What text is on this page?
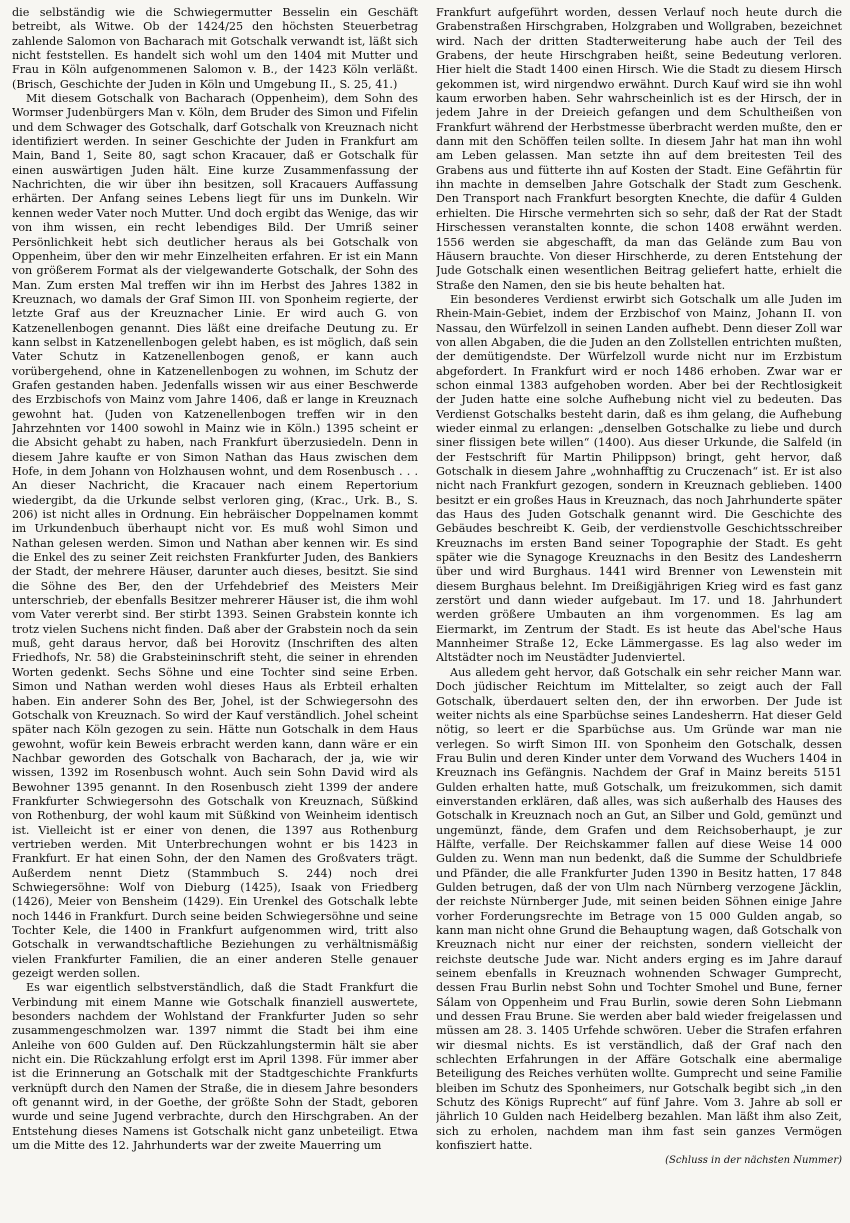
die selbständig wie die Schwiegermutter Besselin ein Geschäft betreibt, als Witwe. Ob der 1424/25 den höchsten Steuerbetrag zahlende Salomon von Bacharach mit Gotschalk verwandt ist, läßt sich nicht feststellen. Es handelt sich wohl um den 1404 mit Mutter und Frau in Köln aufgenommenen Salomon v. B., der 1423 Köln verläßt. (Brisch, Geschichte der Juden in Köln und Umgebung II., S. 25, 41.)

Mit diesem Gotschalk von Bacharach (Oppenheim), dem Sohn des Wormser Judenbürgers Man v. Köln, dem Bruder des Simon und Fifelin und dem Schwager des Gotschalk, darf Gotschalk von Kreuznach nicht identifiziert werden. In seiner Geschichte der Juden in Frankfurt am Main, Band 1, Seite 80, sagt schon Kracauer, daß er Gotschalk für einen auswärtigen Juden hält. Eine kurze Zusammenfassung der Nachrichten, die wir über ihn besitzen, soll Kracauers Auffassung erhärten. Der Anfang seines Lebens liegt für uns im Dunkeln. Wir kennen weder Vater noch Mutter. Und doch ergibt das Wenige, das wir von ihm wissen, ein recht lebendiges Bild. Der Umriß seiner Persönlichkeit hebt sich deutlicher heraus als bei Gotschalk von Oppenheim, über den wir mehr Einzelheiten erfahren. Er ist ein Mann von größerem Format als der vielgewanderte Gotschalk, der Sohn des Man. Zum ersten Mal treffen wir ihn im Herbst des Jahres 1382 in Kreuznach, wo damals der Graf Simon III. von Sponheim regierte, der letzte Graf aus der Kreuznacher Linie. Er wird auch G. von Katzenellenbogen genannt. Dies läßt eine dreifache Deutung zu. Er kann selbst in Katzenellenbogen gelebt haben, es ist möglich, daß sein Vater Schutz in Katzenellenbogen genoß, er kann auch vorübergehend, ohne in Katzenellenbogen zu wohnen, im Schutz der Grafen gestanden haben. Jedenfalls wissen wir aus einer Beschwerde des Erzbischofs von Mainz vom Jahre 1406, daß er lange in Kreuznach gewohnt hat. (Juden von Katzenellenbogen treffen wir in den Jahrzehnten vor 1400 sowohl in Mainz wie in Köln.) 1395 scheint er die Absicht gehabt zu haben, nach Frankfurt überzusiedeln. Denn in diesem Jahre kaufte er von Simon Nathan das Haus zwischen dem Hofe, in dem Johann von Holzhausen wohnt, und dem Rosenbusch . . . An dieser Nachricht, die Kracauer nach einem Repertorium wiedergibt, da die Urkunde selbst verloren ging, (Krac., Urk. B., S. 206) ist nicht alles in Ordnung. Ein hebräischer Doppelnamen kommt im Urkundenbuch überhaupt nicht vor. Es muß wohl Simon und Nathan gelesen werden. Simon und Nathan aber kennen wir. Es sind die Enkel des zu seiner Zeit reichsten Frankfurter Juden, des Bankiers der Stadt, der mehrere Häuser, darunter auch dieses, besitzt. Sie sind die Söhne des Ber, den der Urfehdebrief des Meisters Meir unterschrieb, der ebenfalls Besitzer mehrerer Häuser ist, die ihm wohl vom Vater vererbt sind. Ber stirbt 1393. Seinen Grabstein konnte ich trotz vielen Suchens nicht finden. Daß aber der Grabstein noch da sein muß, geht daraus hervor, daß bei Horovitz (Inschriften des alten Friedhofs, Nr. 58) die Grabsteininschrift steht, die seiner in ehrenden Worten gedenkt. Sechs Söhne und eine Tochter sind seine Erben. Simon und Nathan werden wohl dieses Haus als Erbteil erhalten haben. Ein anderer Sohn des Ber, Johel, ist der Schwiegersohn des Gotschalk von Kreuznach. So wird der Kauf verständlich. Johel scheint später nach Köln gezogen zu sein. Hätte nun Gotschalk in dem Haus gewohnt, wofür kein Beweis erbracht werden kann, dann wäre er ein Nachbar geworden des Gotschalk von Bacharach, der ja, wie wir wissen, 1392 im Rosenbusch wohnt. Auch sein Sohn David wird als Bewohner 1395 genannt. In den Rosenbusch zieht 1399 der andere Frankfurter Schwiegersohn des Gotschalk von Kreuznach, Süßkind von Rothenburg, der wohl kaum mit Süßkind von Weinheim identisch ist. Vielleicht ist er einer von denen, die 1397 aus Rothenburg vertrieben werden. Mit Unterbrechungen wohnt er bis 1423 in Frankfurt. Er hat einen Sohn, der den Namen des Großvaters trägt. Außerdem nennt Dietz (Stammbuch S. 244) noch drei Schwiegersöhne: Wolf von Dieburg (1425), Isaak von Friedberg (1426), Meier von Bensheim (1429). Ein Urenkel des Gotschalk lebte noch 1446 in Frankfurt. Durch seine beiden Schwiegersöhne und seine Tochter Kele, die 1400 in Frankfurt aufgenommen wird, tritt also Gotschalk in verwandtschaftliche Beziehungen zu verhältnismäßig vielen Frankfurter Familien, die an einer anderen Stelle genauer gezeigt werden sollen.

Es war eigentlich selbstverständlich, daß die Stadt Frankfurt die Verbindung mit einem Manne wie Gotschalk finanziell auswertete, besonders nachdem der Wohlstand der Frankfurter Juden so sehr zusammengeschmolzen war. 1397 nimmt die Stadt bei ihm eine Anleihe von 600 Gulden auf. Den Rückzahlungstermin hält sie aber nicht ein. Die Rückzahlung erfolgt erst im April 1398. Für immer aber ist die Erinnerung an Gotschalk mit der Stadtgeschichte Frankfurts verknüpft durch den Namen der Straße, die in diesem Jahre besonders oft genannt wird, in der Goethe, der größte Sohn der Stadt, geboren wurde und seine Jugend verbrachte, durch den Hirschgraben. An der Entstehung dieses Namens ist Gotschalk nicht ganz unbeteiligt. Etwa um die Mitte des 12. Jahrhunderts war der zweite Mauerring um

Frankfurt aufgeführt worden, dessen Verlauf noch heute durch die Grabenstraßen Hirschgraben, Holzgraben und Wollgraben, bezeichnet wird. Nach der dritten Stadterweiterung habe auch der Teil des Grabens, der heute Hirschgraben heißt, seine Bedeutung verloren. Hier hielt die Stadt 1400 einen Hirsch. Wie die Stadt zu diesem Hirsch gekommen ist, wird nirgendwo erwähnt. Durch Kauf wird sie ihn wohl kaum erworben haben. Sehr wahrscheinlich ist es der Hirsch, der in jedem Jahre in der Dreieich gefangen und dem Schultheißen von Frankfurt während der Herbstmesse überbracht werden mußte, den er dann mit den Schöffen teilen sollte. In diesem Jahr hat man ihn wohl am Leben gelassen. Man setzte ihn auf dem breitesten Teil des Grabens aus und fütterte ihn auf Kosten der Stadt. Eine Gefährtin für ihn machte in demselben Jahre Gotschalk der Stadt zum Geschenk. Den Transport nach Frankfurt besorgten Knechte, die dafür 4 Gulden erhielten. Die Hirsche vermehrten sich so sehr, daß der Rat der Stadt Hirschessen veranstalten konnte, die schon 1408 erwähnt werden. 1556 werden sie abgeschafft, da man das Gelände zum Bau von Häusern brauchte. Von dieser Hirschherde, zu deren Entstehung der Jude Gotschalk einen wesentlichen Beitrag geliefert hatte, erhielt die Straße den Namen, den sie bis heute behalten hat.

Ein besonderes Verdienst erwirbt sich Gotschalk um alle Juden im Rhein-Main-Gebiet, indem der Erzbischof von Mainz, Johann II. von Nassau, den Würfelzoll in seinen Landen aufhebt. Denn dieser Zoll war von allen Abgaben, die die Juden an den Zollstellen entrichten mußten, der demütigendste. Der Würfelzoll wurde nicht nur im Erzbistum abgefordert. In Frankfurt wird er noch 1486 erhoben. Zwar war er schon einmal 1383 aufgehoben worden. Aber bei der Rechtlosigkeit der Juden hatte eine solche Aufhebung nicht viel zu bedeuten. Das Verdienst Gotschalks besteht darin, daß es ihm gelang, die Aufhebung wieder einmal zu erlangen: „denselben Gotschalke zu liebe und durch siner flissigen bete willen“ (1400). Aus dieser Urkunde, die Salfeld (in der Festschrift für Martin Philippson) bringt, geht hervor, daß Gotschalk in diesem Jahre „wohnhafftig zu Cruczenach“ ist. Er ist also nicht nach Frankfurt gezogen, sondern in Kreuznach geblieben. 1400 besitzt er ein großes Haus in Kreuznach, das noch Jahrhunderte später das Haus des Juden Gotschalk genannt wird. Die Geschichte des Gebäudes beschreibt K. Geib, der verdienstvolle Geschichtsschreiber Kreuznachs im ersten Band seiner Topographie der Stadt. Es geht später wie die Synagoge Kreuznachs in den Besitz des Landesherrn über und wird Burghaus. 1441 wird Brenner von Lewenstein mit diesem Burghaus belehnt. Im Dreißigjährigen Krieg wird es fast ganz zerstört und dann wieder aufgebaut. Im 17. und 18. Jahrhundert werden größere Umbauten an ihm vorgenommen. Es lag am Eiermarkt, im Zentrum der Stadt. Es ist heute das Abel'sche Haus Mannheimer Straße 12, Ecke Lämmergasse. Es lag also weder im Altstädter noch im Neustädter Judenviertel.

Aus alledem geht hervor, daß Gotschalk ein sehr reicher Mann war. Doch jüdischer Reichtum im Mittelalter, so zeigt auch der Fall Gotschalk, überdauert selten den, der ihn erworben. Der Jude ist weiter nichts als eine Sparbüchse seines Landesherrn. Hat dieser Geld nötig, so leert er die Sparbüchse aus. Um Gründe war man nie verlegen. So wirft Simon III. von Sponheim den Gotschalk, dessen Frau Bulin und deren Kinder unter dem Vorwand des Wuchers 1404 in Kreuznach ins Gefängnis. Nachdem der Graf in Mainz bereits 5151 Gulden erhalten hatte, muß Gotschalk, um freizukommen, sich damit einverstanden erklären, daß alles, was sich außerhalb des Hauses des Gotschalk in Kreuznach noch an Gut, an Silber und Gold, gemünzt und ungemünzt, fände, dem Grafen und dem Reichsoberhaupt, je zur Hälfte, verfalle. Der Reichskammer fallen auf diese Weise 14 000 Gulden zu. Wenn man nun bedenkt, daß die Summe der Schuldbriefe und Pfänder, die alle Frankfurter Juden 1390 in Besitz hatten, 17 848 Gulden betrugen, daß der von Ulm nach Nürnberg verzogene Jäcklin, der reichste Nürnberger Jude, mit seinen beiden Söhnen einige Jahre vorher Forderungsrechte im Betrage von 15 000 Gulden angab, so kann man nicht ohne Grund die Behauptung wagen, daß Gotschalk von Kreuznach nicht nur einer der reichsten, sondern vielleicht der reichste deutsche Jude war. Nicht anders erging es im Jahre darauf seinem ebenfalls in Kreuznach wohnenden Schwager Gumprecht, dessen Frau Burlin nebst Sohn und Tochter Smohel und Bune, ferner Sálam von Oppenheim und Frau Burlin, sowie deren Sohn Liebmann und dessen Frau Brune. Sie werden aber bald wieder freigelassen und müssen am 28. 3. 1405 Urfehde schwören. Ueber die Strafen erfahren wir diesmal nichts. Es ist verständlich, daß der Graf nach den schlechten Erfahrungen in der Affäre Gotschalk eine abermalige Beteiligung des Reiches verhüten wollte. Gumprecht und seine Familie bleiben im Schutz des Sponheimers, nur Gotschalk begibt sich „in den Schutz des Königs Ruprecht“ auf fünf Jahre. Vom 3. Jahre ab soll er jährlich 10 Gulden nach Heidelberg bezahlen. Man läßt ihm also Zeit, sich zu erholen, nachdem man ihm fast sein ganzes Vermögen konfisziert hatte.

(Schluss in der nächsten Nummer)
